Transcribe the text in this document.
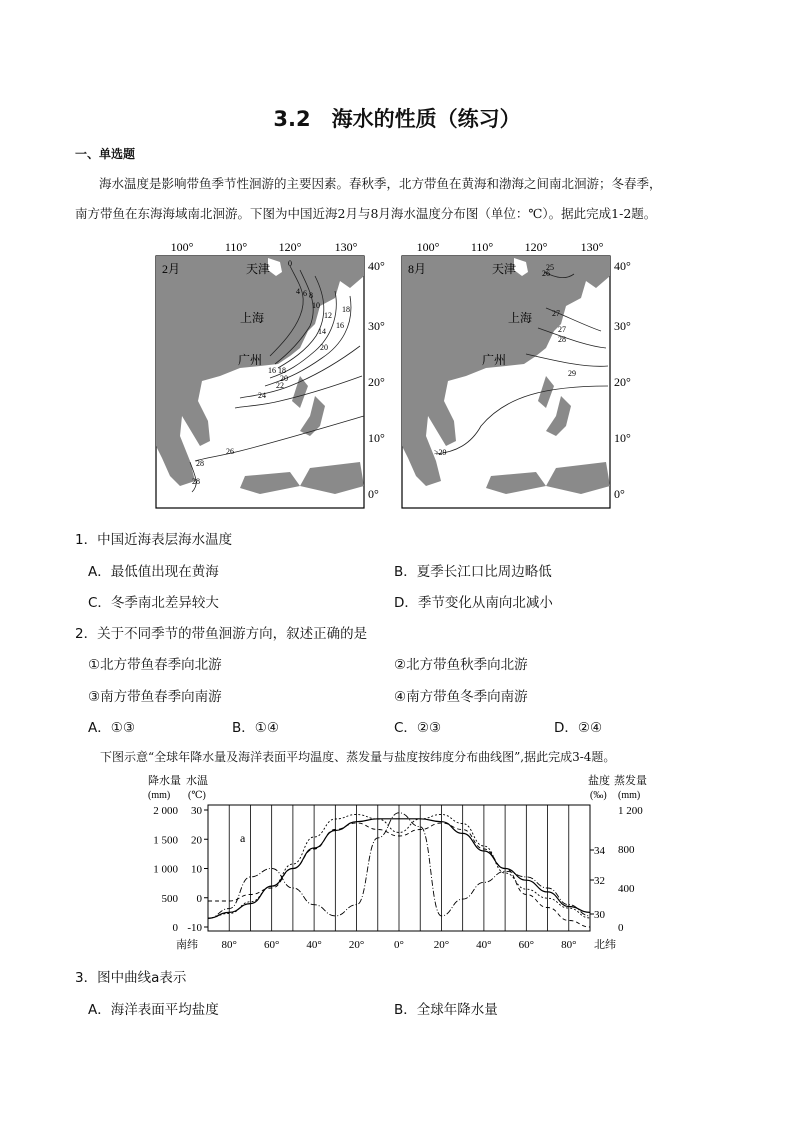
3.2　海水的性质（练习）
一、单选题
海水温度是影响带鱼季节性洄游的主要因素。春秋季，北方带鱼在黄海和渤海之间南北洄游；冬春季，
南方带鱼在东海海域南北洄游。下图为中国近海2月与8月海水温度分布图（单位：℃）。据此完成1-2题。
100°	110°	120°	130°
2月	天津
上海
广州
0
4 6 8
10
12
14
16
18
20
16 18
20
22
24
26
28
28
40°
30°
20°
10°
0°
100°	110°	120°	130°
8月	天津
上海
广州
25
26
27
27
28
29
>29
40°
30°
20°
10°
0°
1．中国近海表层海水温度
A．最低值出现在黄海	B．夏季长江口比周边略低
C．冬季南北差异较大	D．季节变化从南向北减小
2．关于不同季节的带鱼洄游方向，叙述正确的是
①北方带鱼春季向北游	②北方带鱼秋季向北游
③南方带鱼春季向南游	④南方带鱼冬季向南游
A．①③	B．①④	C．②③	D．②④
下图示意“全球年降水量及海洋表面平均温度、蒸发量与盐度按纬度分布曲线图”,据此完成3-4题。
降水量 水温
(mm) (℃)
盐度 蒸发量
(‰) (mm)
2 000
1 500
1 000
500
0
30
20
10
0
-10
34
32
30
1 200
800
400
0
80° 60° 40° 20°	0°	20° 40° 60° 80°
a
南纬	北纬
3．图中曲线a表示
A．海洋表面平均盐度	B．全球年降水量
